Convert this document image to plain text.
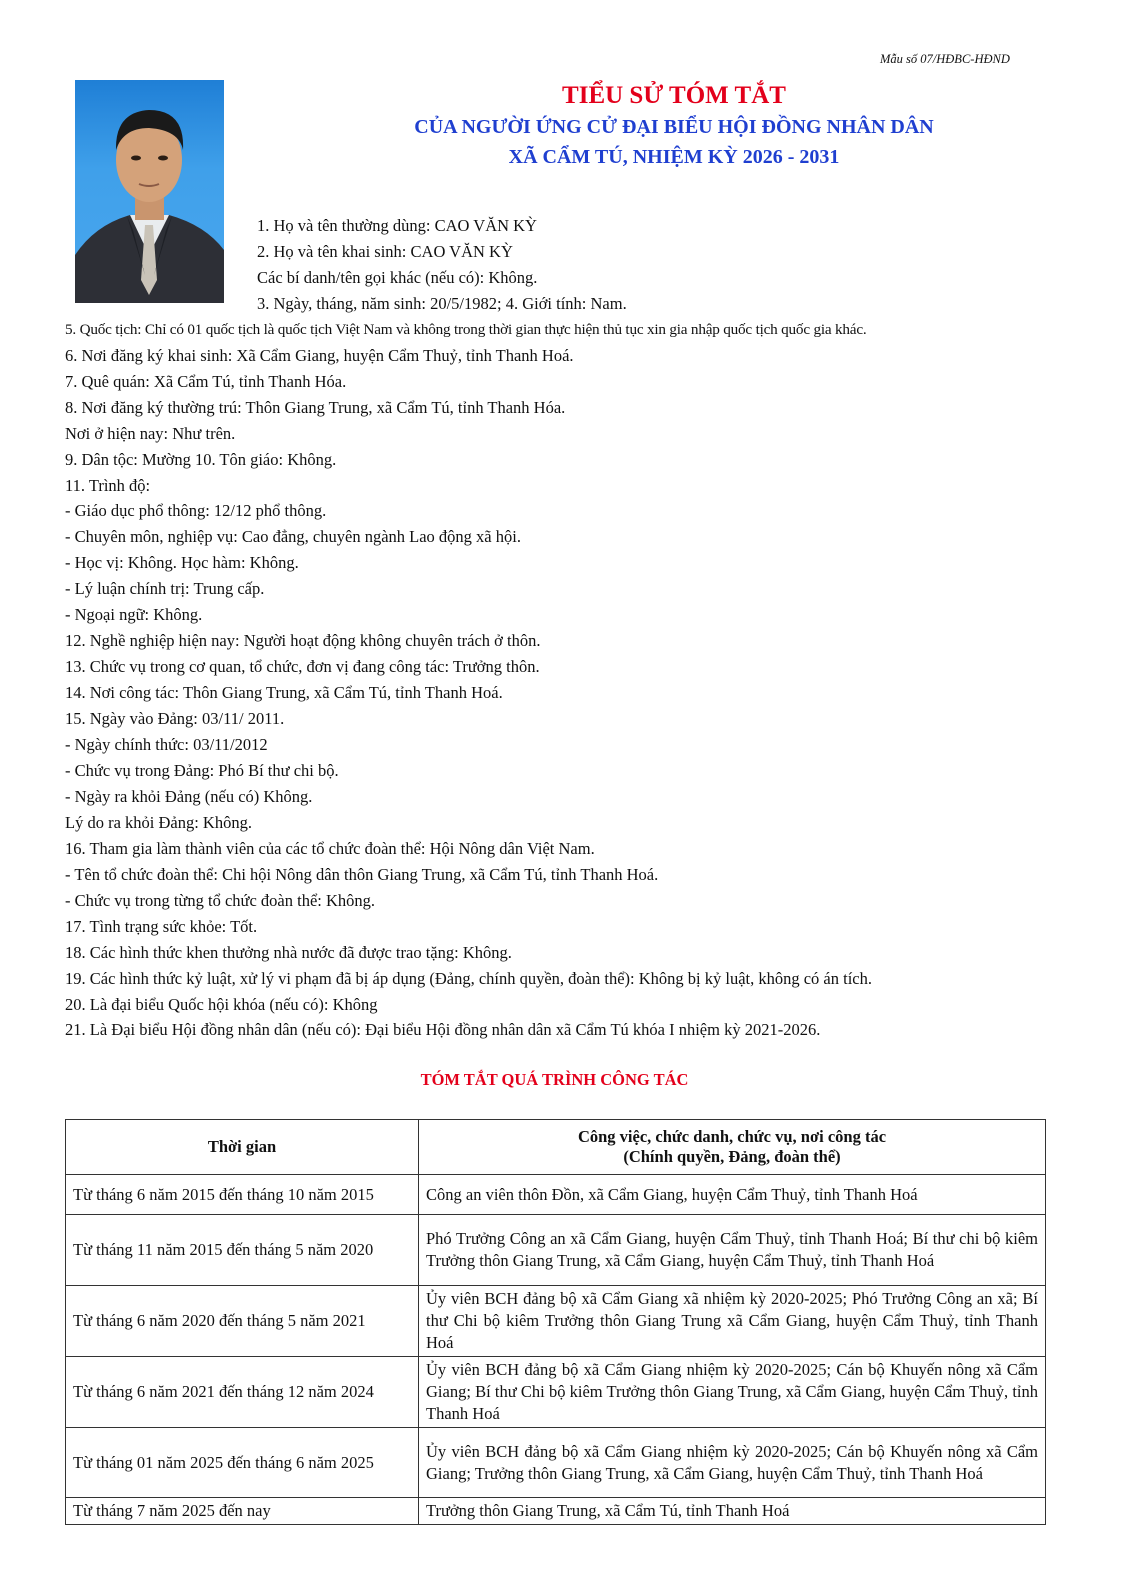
Mẫu số 07/HĐBC-HĐND
TIỂU SỬ TÓM TẮT
CỦA NGƯỜI ỨNG CỬ ĐẠI BIỂU HỘI ĐỒNG NHÂN DÂN
XÃ CẨM TÚ, NHIỆM KỲ 2026 - 2031
1. Họ và tên thường dùng: CAO VĂN KỲ
2. Họ và tên khai sinh: CAO VĂN KỲ
Các bí danh/tên gọi khác (nếu có): Không.
3. Ngày, tháng, năm sinh: 20/5/1982; 4. Giới tính: Nam.
5. Quốc tịch: Chỉ có 01 quốc tịch là quốc tịch Việt Nam và không trong thời gian thực hiện thủ tục xin gia nhập quốc tịch quốc gia khác.
6. Nơi đăng ký khai sinh: Xã Cẩm Giang, huyện Cẩm Thuỷ, tỉnh Thanh Hoá.
7. Quê quán: Xã Cẩm Tú, tỉnh Thanh Hóa.
8. Nơi đăng ký thường trú: Thôn Giang Trung, xã Cẩm Tú, tỉnh Thanh Hóa.
Nơi ở hiện nay: Như trên.
9. Dân tộc: Mường 10. Tôn giáo: Không.
11. Trình độ:
- Giáo dục phổ thông: 12/12 phổ thông.
- Chuyên môn, nghiệp vụ: Cao đẳng, chuyên ngành Lao động xã hội.
- Học vị: Không. Học hàm: Không.
- Lý luận chính trị: Trung cấp.
- Ngoại ngữ: Không.
12. Nghề nghiệp hiện nay: Người hoạt động không chuyên trách ở thôn.
13. Chức vụ trong cơ quan, tổ chức, đơn vị đang công tác: Trưởng thôn.
14. Nơi công tác: Thôn Giang Trung, xã Cẩm Tú, tỉnh Thanh Hoá.
15. Ngày vào Đảng: 03/11/ 2011.
- Ngày chính thức: 03/11/2012
- Chức vụ trong Đảng: Phó Bí thư chi bộ.
- Ngày ra khỏi Đảng (nếu có) Không.
Lý do ra khỏi Đảng: Không.
16. Tham gia làm thành viên của các tổ chức đoàn thể: Hội Nông dân Việt Nam.
- Tên tổ chức đoàn thể: Chi hội Nông dân thôn Giang Trung, xã Cẩm Tú, tỉnh Thanh Hoá.
- Chức vụ trong từng tổ chức đoàn thể: Không.
17. Tình trạng sức khỏe: Tốt.
18. Các hình thức khen thưởng nhà nước đã được trao tặng: Không.
19. Các hình thức kỷ luật, xử lý vi phạm đã bị áp dụng (Đảng, chính quyền, đoàn thể): Không bị kỷ luật, không có án tích.
20. Là đại biểu Quốc hội khóa (nếu có): Không
21. Là Đại biểu Hội đồng nhân dân (nếu có): Đại biểu Hội đồng nhân dân xã Cẩm Tú khóa I nhiệm kỳ 2021-2026.
TÓM TẮT QUÁ TRÌNH CÔNG TÁC
Thời gian	Công việc, chức danh, chức vụ, nơi công tác
(Chính quyền, Đảng, đoàn thể)

Từ tháng 6 năm 2015 đến tháng 10 năm 2015	Công an viên thôn Đồn, xã Cẩm Giang, huyện Cẩm Thuỷ, tỉnh Thanh Hoá
Từ tháng 11 năm 2015 đến tháng 5 năm 2020	Phó Trưởng Công an xã Cẩm Giang, huyện Cẩm Thuỷ, tỉnh Thanh Hoá; Bí thư chi bộ kiêm Trưởng thôn Giang Trung, xã Cẩm Giang, huyện Cẩm Thuỷ, tỉnh Thanh Hoá
Từ tháng 6 năm 2020 đến tháng 5 năm 2021	Ủy viên BCH đảng bộ xã Cẩm Giang xã nhiệm kỳ 2020-2025; Phó Trưởng Công an xã; Bí thư Chi bộ kiêm Trưởng thôn Giang Trung xã Cẩm Giang, huyện Cẩm Thuỷ, tỉnh Thanh Hoá
Từ tháng 6 năm 2021 đến tháng 12 năm 2024	Ủy viên BCH đảng bộ xã Cẩm Giang nhiệm kỳ 2020-2025; Cán bộ Khuyến nông xã Cẩm Giang; Bí thư Chi bộ kiêm Trưởng thôn Giang Trung, xã Cẩm Giang, huyện Cẩm Thuỷ, tỉnh Thanh Hoá
Từ tháng 01 năm 2025 đến tháng 6 năm 2025	Ủy viên BCH đảng bộ xã Cẩm Giang nhiệm kỳ 2020-2025; Cán bộ Khuyến nông xã Cẩm Giang; Trưởng thôn Giang Trung, xã Cẩm Giang, huyện Cẩm Thuỷ, tỉnh Thanh Hoá
Từ tháng 7 năm 2025 đến nay	Trưởng thôn Giang Trung, xã Cẩm Tú, tỉnh Thanh Hoá
